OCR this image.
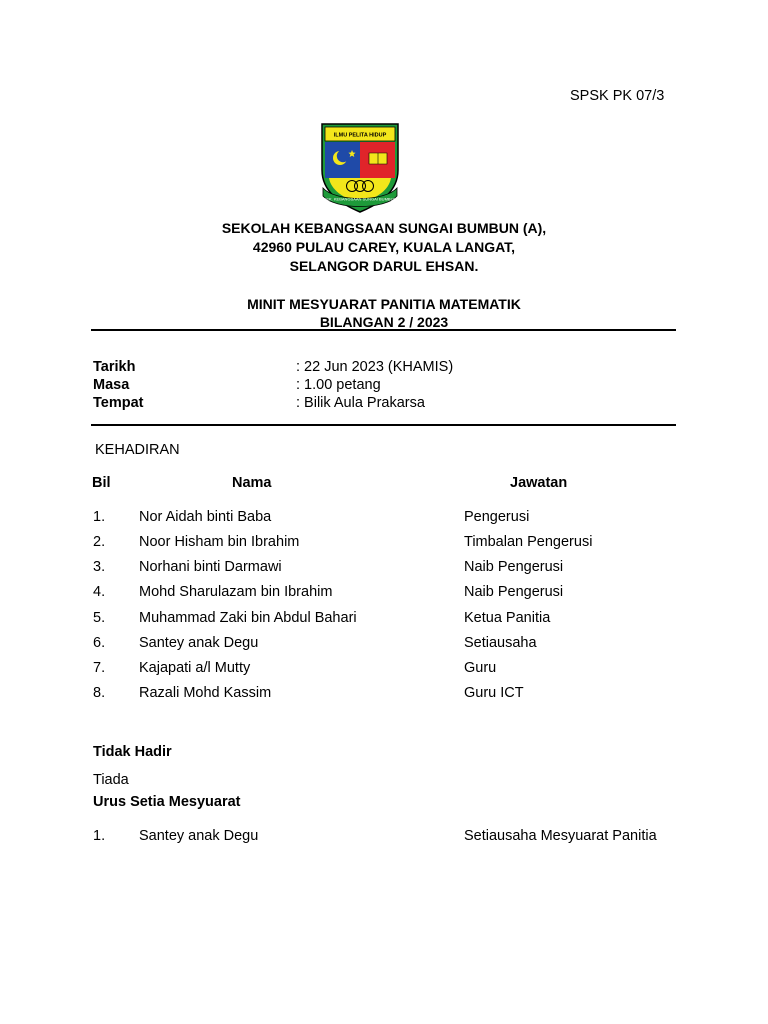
SPSK PK 07/3
ILMU PELITA HIDUP
SEK. KEBANGSAAN SUNGAI BUMBUN
SEKOLAH KEBANGSAAN SUNGAI BUMBUN (A),
42960 PULAU CAREY, KUALA LANGAT,
SELANGOR DARUL EHSAN.
MINIT MESYUARAT PANITIA MATEMATIK
BILANGAN 2 / 2023
Tarikh	: 22 Jun 2023 (KHAMIS)
Masa	: 1.00 petang
Tempat	: Bilik Aula Prakarsa
KEHADIRAN
Bil	Nama	Jawatan
1. Nor Aidah binti Baba	Pengerusi
2. Noor Hisham bin Ibrahim	Timbalan Pengerusi
3. Norhani binti Darmawi	Naib Pengerusi
4. Mohd Sharulazam bin Ibrahim	Naib Pengerusi
5. Muhammad Zaki bin Abdul Bahari	Ketua Panitia
6. Santey anak Degu	Setiausaha
7. Kajapati a/l Mutty	Guru
8. Razali Mohd Kassim	Guru ICT
Tidak Hadir
Tiada
Urus Setia Mesyuarat
1. Santey anak Degu	Setiausaha Mesyuarat Panitia
